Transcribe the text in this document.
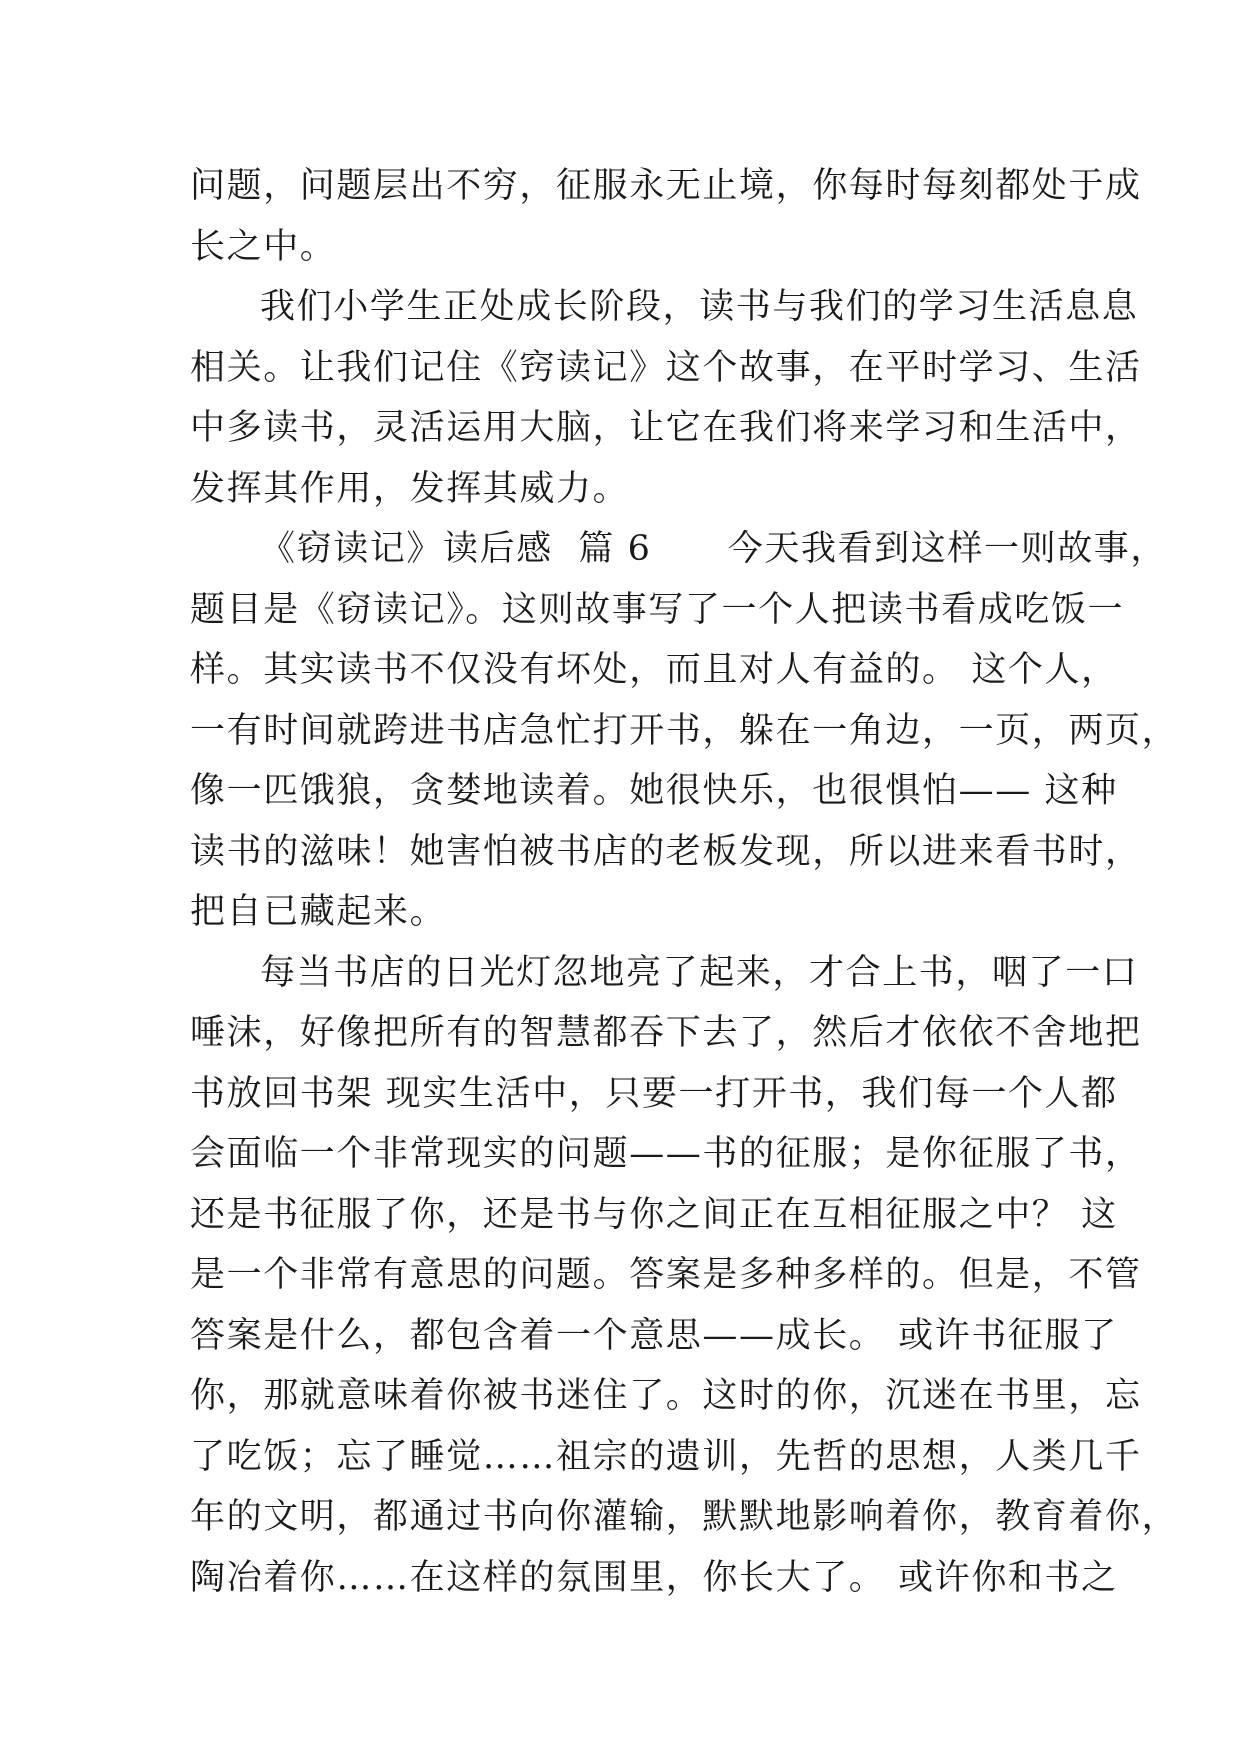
问题，问题层出不穷，征服永无止境，你每时每刻都处于成
长之中。
我们小学生正处成长阶段，读书与我们的学习生活息息
相关。让我们记住《窍读记》这个故事，在平时学习、生活
中多读书，灵活运用大脑，让它在我们将来学习和生活中，
发挥其作用，发挥其威力。
《窃读记》读后感  篇 6      今天我看到这样一则故事，
题目是《窃读记》。这则故事写了一个人把读书看成吃饭一
样。其实读书不仅没有坏处，而且对人有益的。 这个人，
一有时间就跨进书店急忙打开书，躲在一角边，一页，两页，
像一匹饿狼，贪婪地读着。她很快乐，也很惧怕—— 这种
读书的滋味！她害怕被书店的老板发现，所以进来看书时，
把自已藏起来。
每当书店的日光灯忽地亮了起来，才合上书，咽了一口
唾沫，好像把所有的智慧都吞下去了，然后才依依不舍地把
书放回书架 现实生活中，只要一打开书，我们每一个人都
会面临一个非常现实的问题——书的征服；是你征服了书，
还是书征服了你，还是书与你之间正在互相征服之中？ 这
是一个非常有意思的问题。答案是多种多样的。但是，不管
答案是什么，都包含着一个意思——成长。 或许书征服了
你，那就意味着你被书迷住了。这时的你，沉迷在书里，忘
了吃饭；忘了睡觉……祖宗的遗训，先哲的思想，人类几千
年的文明，都通过书向你灌输，默默地影响着你，教育着你，
陶冶着你……在这样的氛围里，你长大了。 或许你和书之
